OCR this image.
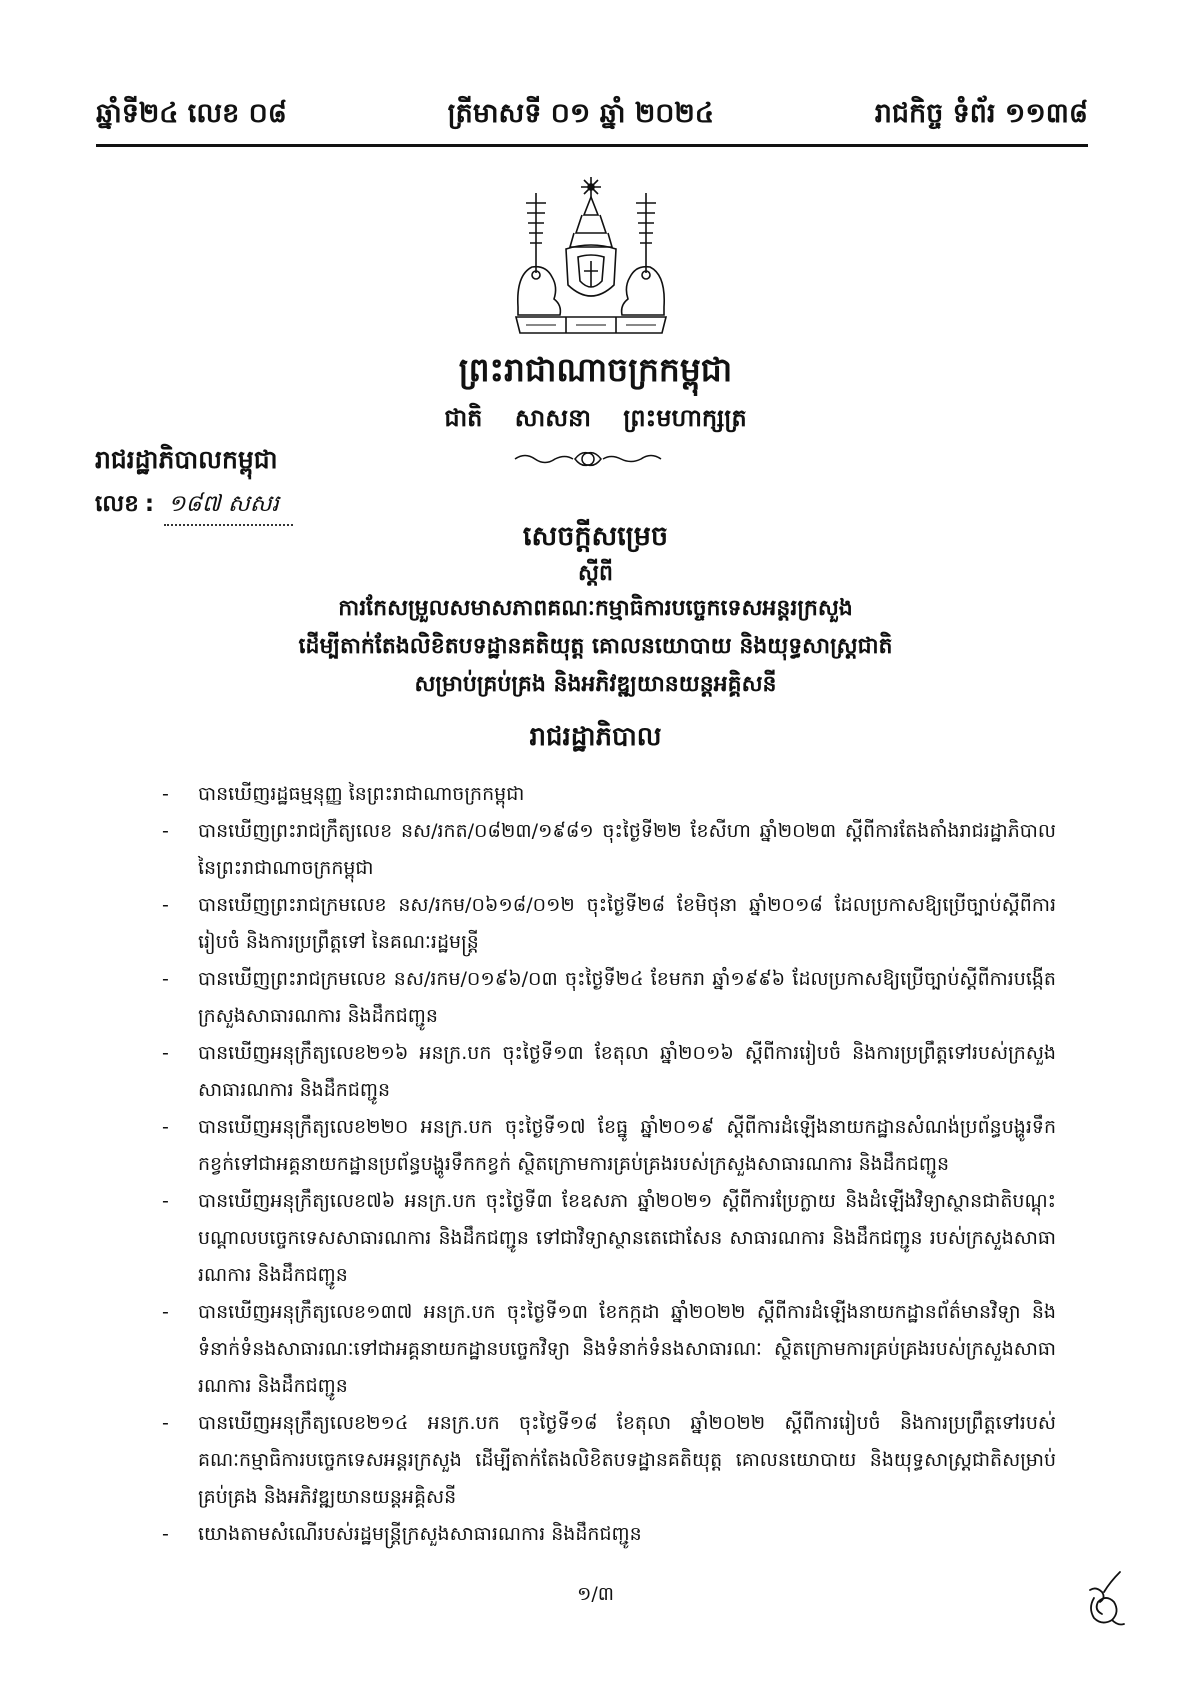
ឆ្នាំទី២៤ លេខ ០៨	ត្រីមាសទី ០១ ឆ្នាំ ២០២៤	រាជកិច្ច ទំព័រ ១១៣៨
ព្រះរាជាណាចក្រកម្ពុជា
ជាតិ សាសនា ព្រះមហាក្សត្រ
រាជរដ្ឋាភិបាលកម្ពុជា
លេខ : ១៨៧ សសរ
សេចក្តីសម្រេច
ស្តីពី
ការកែសម្រួលសមាសភាពគណៈកម្មាធិការបច្ចេកទេសអន្តរក្រសួង
ដើម្បីតាក់តែងលិខិតបទដ្ឋានគតិយុត្ត គោលនយោបាយ និងយុទ្ធសាស្ត្រជាតិ
សម្រាប់គ្រប់គ្រង និងអភិវឌ្ឍយានយន្តអគ្គិសនី
រាជរដ្ឋាភិបាល
- បានឃើញរដ្ឋធម្មនុញ្ញ នៃព្រះរាជាណាចក្រកម្ពុជា
- បានឃើញព្រះរាជក្រឹត្យលេខ នស/រកត/០៨២៣/១៩៨១ ចុះថ្ងៃទី២២ ខែសីហា ឆ្នាំ២០២៣ ស្តីពីការតែងតាំងរាជរដ្ឋាភិបាល នៃព្រះរាជាណាចក្រកម្ពុជា
- បានឃើញព្រះរាជក្រមលេខ នស/រកម/០៦១៨/០១២ ចុះថ្ងៃទី២៨ ខែមិថុនា ឆ្នាំ២០១៨ ដែលប្រកាសឱ្យប្រើច្បាប់ស្តីពីការរៀបចំ និងការប្រព្រឹត្តទៅ នៃគណៈរដ្ឋមន្ត្រី
- បានឃើញព្រះរាជក្រមលេខ នស/រកម/០១៩៦/០៣ ចុះថ្ងៃទី២៤ ខែមករា ឆ្នាំ១៩៩៦ ដែលប្រកាសឱ្យប្រើច្បាប់ស្តីពីការបង្កើតក្រសួងសាធារណការ និងដឹកជញ្ជូន
- បានឃើញអនុក្រឹត្យលេខ២១៦ អនក្រ.បក ចុះថ្ងៃទី១៣ ខែតុលា ឆ្នាំ២០១៦ ស្តីពីការរៀបចំ និងការប្រព្រឹត្តទៅរបស់ក្រសួងសាធារណការ និងដឹកជញ្ជូន
- បានឃើញអនុក្រឹត្យលេខ២២០ អនក្រ.បក ចុះថ្ងៃទី១៧ ខែធ្នូ ឆ្នាំ២០១៩ ស្តីពីការដំឡើងនាយកដ្ឋានសំណង់ប្រព័ន្ធបង្ហូរទឹកកខ្វក់ទៅជាអគ្គនាយកដ្ឋានប្រព័ន្ធបង្ហូរទឹកកខ្វក់ ស្ថិតក្រោមការគ្រប់គ្រងរបស់ក្រសួងសាធារណការ និងដឹកជញ្ជូន
- បានឃើញអនុក្រឹត្យលេខ៧៦ អនក្រ.បក ចុះថ្ងៃទី៣ ខែឧសភា ឆ្នាំ២០២១ ស្តីពីការប្រែក្លាយ និងដំឡើងវិទ្យាស្ថានជាតិបណ្តុះបណ្តាលបច្ចេកទេសសាធារណការ និងដឹកជញ្ជូន ទៅជាវិទ្យាស្ថានតេជោសែន សាធារណការ និងដឹកជញ្ជូន របស់ក្រសួងសាធារណការ និងដឹកជញ្ជូន
- បានឃើញអនុក្រឹត្យលេខ១៣៧ អនក្រ.បក ចុះថ្ងៃទី១៣ ខែកក្កដា ឆ្នាំ២០២២ ស្តីពីការដំឡើងនាយកដ្ឋានព័ត៌មានវិទ្យា និងទំនាក់ទំនងសាធារណៈទៅជាអគ្គនាយកដ្ឋានបច្ចេកវិទ្យា និងទំនាក់ទំនងសាធារណៈ ស្ថិតក្រោមការគ្រប់គ្រងរបស់ក្រសួងសាធារណការ និងដឹកជញ្ជូន
- បានឃើញអនុក្រឹត្យលេខ២១៤ អនក្រ.បក ចុះថ្ងៃទី១៨ ខែតុលា ឆ្នាំ២០២២ ស្តីពីការរៀបចំ និងការប្រព្រឹត្តទៅរបស់គណៈកម្មាធិការបច្ចេកទេសអន្តរក្រសួង ដើម្បីតាក់តែងលិខិតបទដ្ឋានគតិយុត្ត គោលនយោបាយ និងយុទ្ធសាស្ត្រជាតិសម្រាប់គ្រប់គ្រង និងអភិវឌ្ឍយានយន្តអគ្គិសនី
- យោងតាមសំណើរបស់រដ្ឋមន្ត្រីក្រសួងសាធារណការ និងដឹកជញ្ជូន
១/៣
